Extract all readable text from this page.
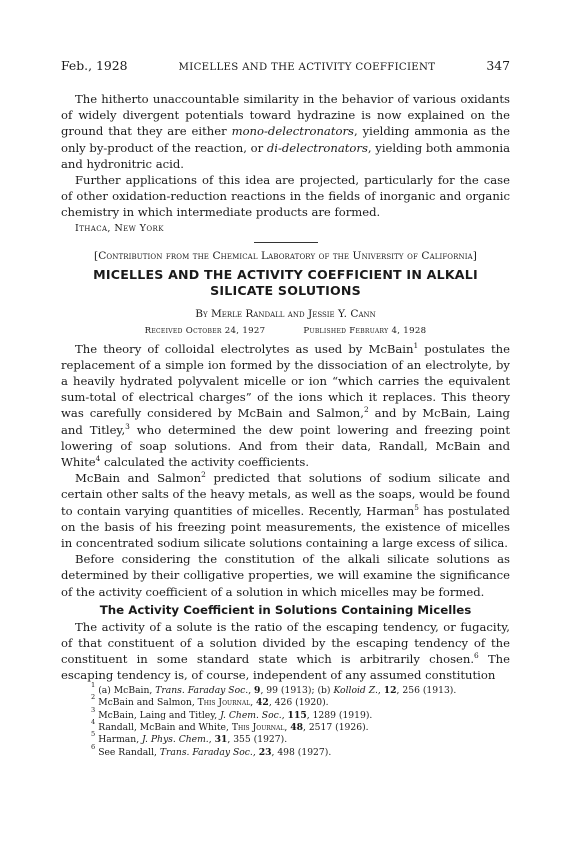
Feb., 1928	MICELLES AND THE ACTIVITY COEFFICIENT	347

The hitherto unaccountable similarity in the behavior of various oxidants of widely divergent potentials toward hydrazine is now explained on the ground that they are either mono-delectronators, yielding ammonia as the only by-product of the reaction, or di-delectronators, yielding both ammonia and hydronitric acid.

Further applications of this idea are projected, particularly for the case of other oxidation-reduction reactions in the fields of inorganic and organic chemistry in which intermediate products are formed.

Ithaca, New York
[Contribution from the Chemical Laboratory of the University of California]
MICELLES AND THE ACTIVITY COEFFICIENT IN ALKALI
SILICATE SOLUTIONS
By Merle Randall and Jessie Y. Cann
Received October 24, 1927	Published February 4, 1928

The theory of colloidal electrolytes as used by McBain$^1$ postulates the replacement of a simple ion formed by the dissociation of an electrolyte, by a heavily hydrated polyvalent micelle or ion “which carries the equivalent sum-total of electrical charges” of the ions which it replaces. This theory was carefully considered by McBain and Salmon,$^2$ and by McBain, Laing and Titley,$^3$ who determined the dew point lowering and freezing point lowering of soap solutions. And from their data, Randall, McBain and White$^4$ calculated the activity coefficients.

McBain and Salmon$^2$ predicted that solutions of sodium silicate and certain other salts of the heavy metals, as well as the soaps, would be found to contain varying quantities of micelles. Recently, Harman$^5$ has postulated on the basis of his freezing point measurements, the existence of micelles in concentrated sodium silicate solutions containing a large excess of silica.

Before considering the constitution of the alkali silicate solutions as determined by their colligative properties, we will examine the significance of the activity coefficient of a solution in which micelles may be formed.

The Activity Coefficient in Solutions Containing Micelles

The activity of a solute is the ratio of the escaping tendency, or fugacity, of that constituent of a solution divided by the escaping tendency of the constituent in some standard state which is arbitrarily chosen.$^6$ The escaping tendency is, of course, independent of any assumed constitution

1 (a) McBain, Trans. Faraday Soc., 9, 99 (1913); (b) Kolloid Z., 12, 256 (1913).
2 McBain and Salmon, This Journal, 42, 426 (1920).
3 McBain, Laing and Titley, J. Chem. Soc., 115, 1289 (1919).
4 Randall, McBain and White, This Journal, 48, 2517 (1926).
5 Harman, J. Phys. Chem., 31, 355 (1927).
6 See Randall, Trans. Faraday Soc., 23, 498 (1927).
